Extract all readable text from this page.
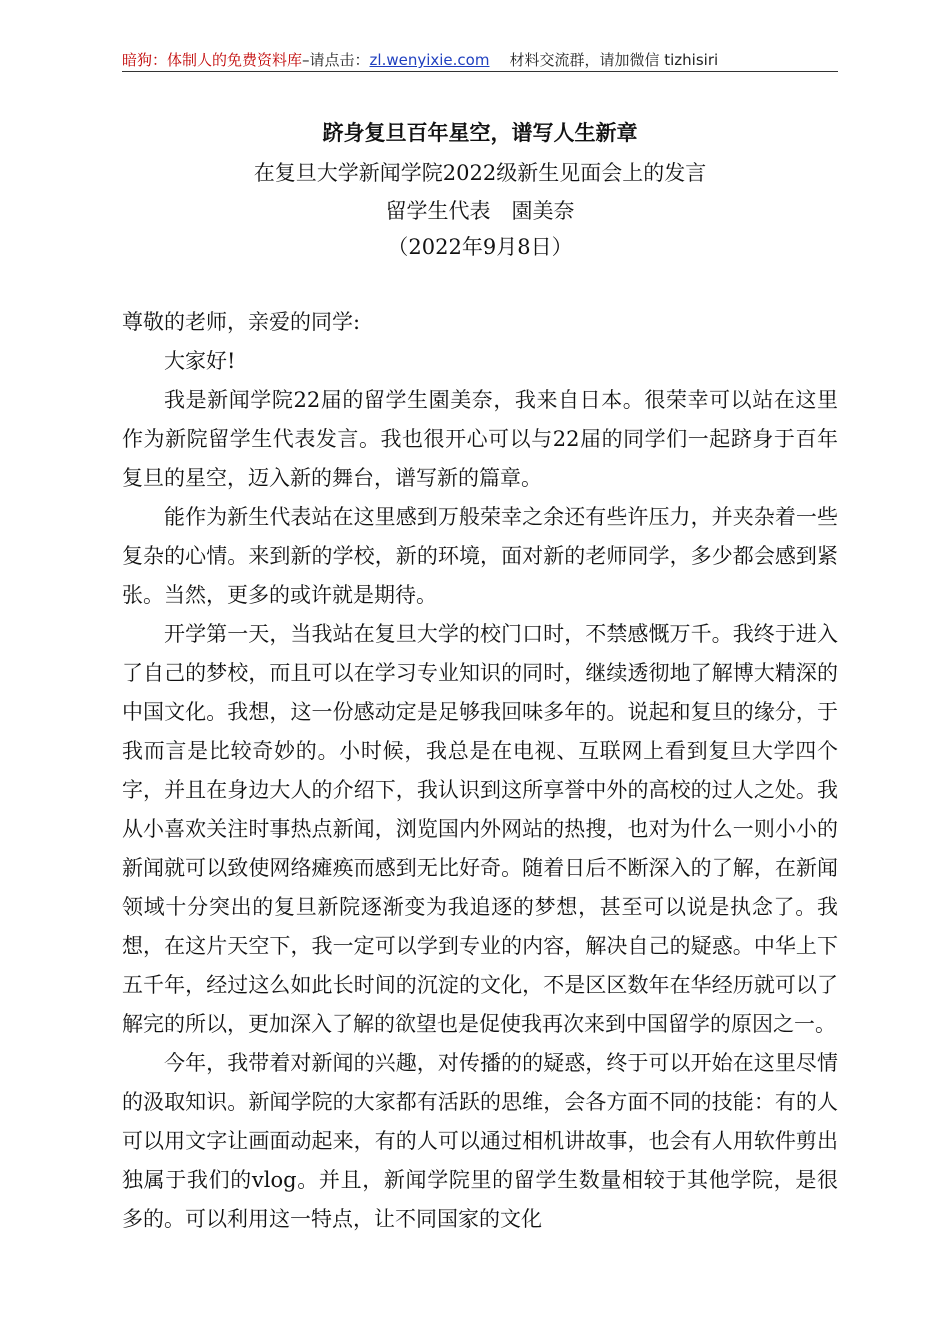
暗狗：体制人的免费资料库–请点击：zl.wenyixie.com 材料交流群，请加微信 tizhisiri
跻身复旦百年星空，谱写人生新章
在复旦大学新闻学院2022级新生见面会上的发言
留学生代表　園美奈
（2022年9月8日）

尊敬的老师，亲爱的同学:

大家好!

我是新闻学院22届的留学生園美奈，我来自日本。很荣幸可以站在这里作为新院留学生代表发言。我也很开心可以与22届的同学们一起跻身于百年复旦的星空，迈入新的舞台，谱写新的篇章。

能作为新生代表站在这里感到万般荣幸之余还有些许压力，并夹杂着一些复杂的心情。来到新的学校，新的环境，面对新的老师同学，多少都会感到紧张。当然，更多的或许就是期待。

开学第一天，当我站在复旦大学的校门口时，不禁感慨万千。我终于进入了自己的梦校，而且可以在学习专业知识的同时，继续透彻地了解博大精深的中国文化。我想，这一份感动定是足够我回味多年的。说起和复旦的缘分，于我而言是比较奇妙的。小时候，我总是在电视、互联网上看到复旦大学四个字，并且在身边大人的介绍下，我认识到这所享誉中外的高校的过人之处。我从小喜欢关注时事热点新闻，浏览国内外网站的热搜，也对为什么一则小小的新闻就可以致使网络瘫痪而感到无比好奇。随着日后不断深入的了解，在新闻领域十分突出的复旦新院逐渐变为我追逐的梦想，甚至可以说是执念了。我想，在这片天空下，我一定可以学到专业的内容，解决自己的疑惑。中华上下五千年，经过这么如此长时间的沉淀的文化，不是区区数年在华经历就可以了解完的所以，更加深入了解的欲望也是促使我再次来到中国留学的原因之一。

今年，我带着对新闻的兴趣，对传播的的疑惑，终于可以开始在这里尽情的汲取知识。新闻学院的大家都有活跃的思维，会各方面不同的技能：有的人可以用文字让画面动起来，有的人可以通过相机讲故事，也会有人用软件剪出独属于我们的vlog。并且，新闻学院里的留学生数量相较于其他学院，是很多的。可以利用这一特点，让不同国家的文化
